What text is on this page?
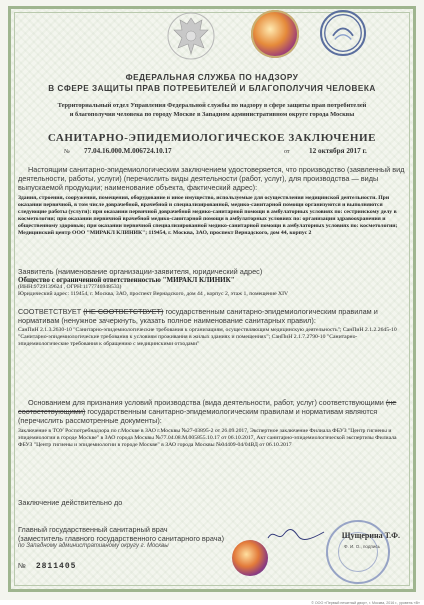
ФЕДЕРАЛЬНАЯ СЛУЖБА ПО НАДЗОРУ
В СФЕРЕ ЗАЩИТЫ ПРАВ ПОТРЕБИТЕЛЕЙ И БЛАГОПОЛУЧИЯ ЧЕЛОВЕКА
Территориальный отдел Управления Федеральной службы по надзору в сфере защиты прав потребителей
и благополучия человека по городу Москве в Западном административном округе города Москвы
САНИТАРНО-ЭПИДЕМИОЛОГИЧЕСКОЕ ЗАКЛЮЧЕНИЕ
№ 77.04.16.000.М.006724.10.17	от	12 октября 2017 г.
Настоящим санитарно-эпидемиологическим заключением удостоверяется, что производство (заявленный вид деятельности, работы, услуги) (перечислить виды деятельности (работ, услуг), для производства — виды выпускаемой продукции; наименование объекта, фактический адрес):
Здания, строения, сооружения, помещения, оборудование и иное имущество, используемые для осуществления медицинской деятельности. При оказании первичной, в том числе доврачебной, врачебной и специализированной, медико-санитарной помощи организуются и выполняются следующие работы (услуги): при оказании первичной доврачебной медико-санитарной помощи в амбулаторных условиях по: сестринскому делу в косметологии; при оказании первичной врачебной медико-санитарной помощи в амбулаторных условиях по: организации здравоохранения и общественному здоровью; при оказании первичной специализированной медико-санитарной помощи в амбулаторных условиях по: косметологии; Медицинский центр ООО "МИРАКЛ КЛИНИК"; 119454, г. Москва, ЗАО, проспект Вернадского, дом 44, корпус 2
Заявитель (наименование организации-заявителя, юридический адрес)
Общество с ограниченной ответственностью "МИРАКЛ КЛИНИК"
(ИНН:9729139624 , ОГРН:1177746948533)
Юридический адрес: 119454, г. Москва, ЗАО, проспект Вернадского, дом 44 , корпус 2, этаж 1, помещение XIV
СООТВЕТСТВУЕТ (НЕ СООТВЕТСТВУЕТ) государственным санитарно-эпидемиологическим правилам и нормативам (ненужное зачеркнуть, указать полное наименование санитарных правил):
СанПиН 2.1.3.2630-10 "Санитарно-эпидемиологические требования к организациям, осуществляющим медицинскую деятельность"; СанПиН 2.1.2.2645-10 "Санитарно-эпидемиологические требования к условиям проживания в жилых зданиях и помещениях"; СанПиН 2.1.7.2790-10 "Санитарно-эпидемиологические требования к обращению с медицинскими отходами"
Основанием для признания условий производства (вида деятельности, работ, услуг) соответствующими (не соответствующими) государственным санитарно-эпидемиологическим правилам и нормативам являются (перечислить рассмотренные документы):
Заключение в ТОУ Роспотребнадзора по г.Москве в ЗАО г.Москвы №27-03895-2 от 26.09.2017, Экспертное заключение Филиала ФБУЗ "Центр гигиены и эпидемиологии в городе Москве" в ЗАО города Москвы №77.04.08.М.005855.10.17 от 06.10.2017, Акт санитарно-эпидемиологической экспертизы Филиала ФБУЗ "Центр гигиены и эпидемиологии в городе Москве" в ЗАО города Москвы №04409-04/04ВД от 06.10.2017
Заключение действительно до
Главный государственный санитарный врач
(заместитель главного государственного санитарного врача)
по Западному административному округу г. Москвы
№ 2811405
Щущерина Т.Ф.
Ф. И. О., подпись
© ООО «Первый печатный двор», г. Москва, 2016 г., уровень «В»
